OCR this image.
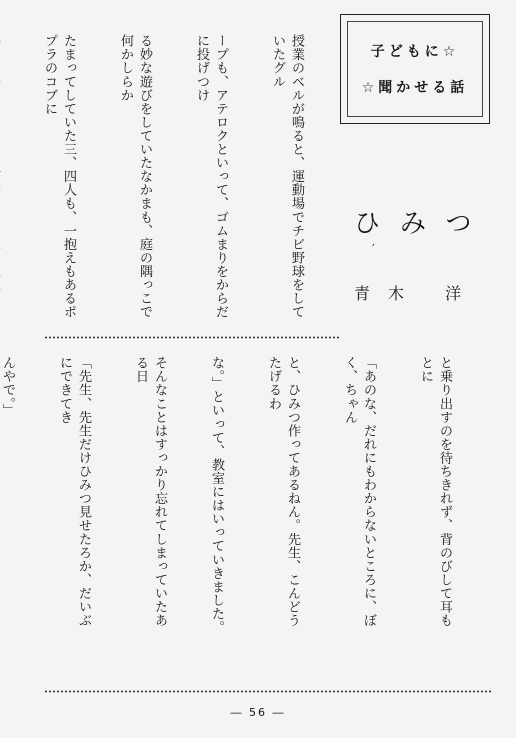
子どもに☆
☆聞かせる話
ひみつ
′
青木 洋

授業のベルが鳴ると、運動場でチビ野球をしていたグル

ープも、アテロクといって、ゴムまりをからだに投げつけ

る妙な遊びをしていたなかまも、庭の隅っこで何かしらか

たまってしていた三、四人も、一抱えもあるポプラのコブに

と乗り出すのを待ちきれず、背のびして耳もとに

「あのな、だれにもわからないところに、ぼく、ちゃん

と、ひみつ作ってあるねん。先生、こんどうたげるわ

な。」といって、教室にはいっていきました。

そんなことはすっかり忘れてしまっていたある日

「先生、先生だけひみつ見せたろか、だいぶにできてき

んやで。」

― 56 ―
